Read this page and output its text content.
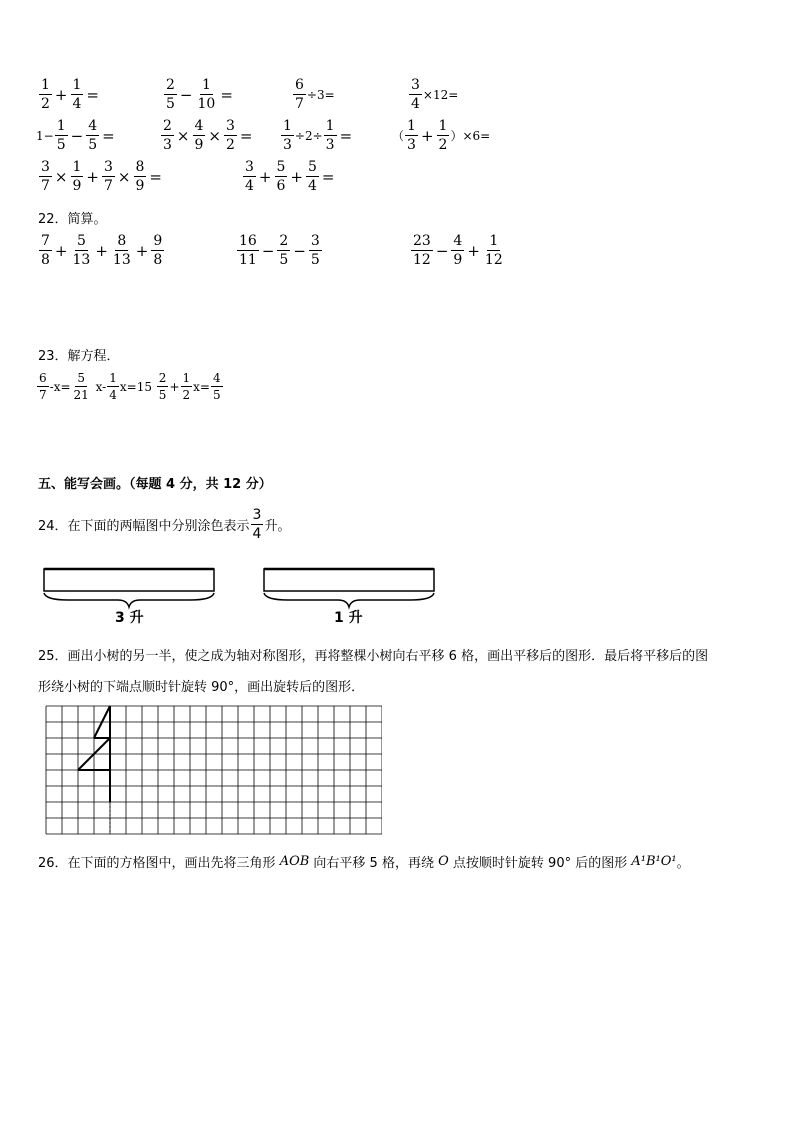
$\frac{1}{2} + \frac{1}{4}$ =	$\frac{2}{5} - \frac{1}{10}$ =	$\frac{6}{7} \div 3=$	$\frac{3}{4} \times 12=$
$1- \frac{1}{5} - \frac{4}{5}$ =	$\frac{2}{3} \times \frac{4}{9} \times \frac{3}{2} = \frac{1}{3} \div 2\div \frac{1}{3}$ =	（ $\frac{1}{3} + \frac{1}{2} )\times 6=$
$\frac{3}{7} \times \frac{1}{9} + \frac{3}{7} \times \frac{8}{9}$ =	$\frac{3}{4} + \frac{5}{6} + \frac{5}{4}$ =
22．简算。
$\frac{7}{8} + \frac{5}{13} + \frac{8}{13} + \frac{9}{8}$	$\frac{16}{11} - \frac{2}{5} - \frac{3}{5}$	$\frac{23}{12} - \frac{4}{9} + \frac{1}{12}$
23．解方程．
$\frac{6}{7} -x= \frac{5}{21} x- \frac{1}{4} x=15 \frac{2}{5} + \frac{1}{2} x= \frac{4}{5}$
五、能写会画。（每题 4 分，共 12 分）
24．在下面的两幅图中分别涂色表示 $\frac{3}{4}$ 升。
3 升	1 升
25．画出小树的另一半，使之成为轴对称图形，再将整棵小树向右平移 6 格，画出平移后的图形．最后将平移后的图
形绕小树的下端点顺时针旋转 90°，画出旋转后的图形．
26．在下面的方格图中，画出先将三角形 AOB 向右平移 5 格，再绕 O 点按顺时针旋转 90° 后的图形 A¹B¹O¹ 。
